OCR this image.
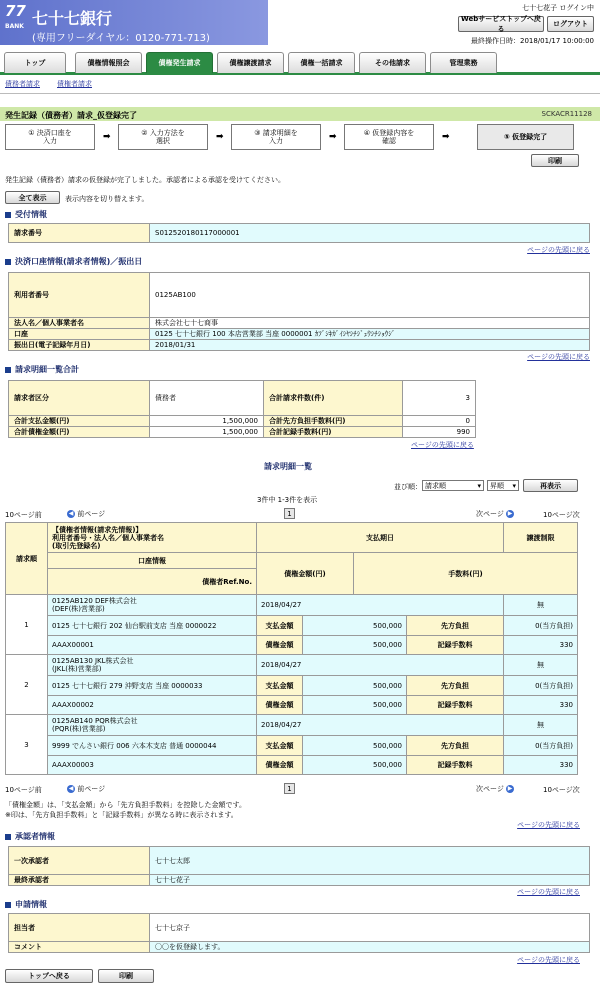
77
BANK 七十七銀行
(専用フリーダイヤル：0120-771-713)
七十七花子 ログイン中
Webサービストップへ戻る
ログアウト
最終操作日時：2018/01/17 10:00:00
トップ	債権情報照会	債権発生請求	債権譲渡請求	債権一括請求	その他請求	管理業務
債務者請求 債権者請求
発生記録（債務者）請求_仮登録完了	SCKACR11128
① 決済口座を
入力	➡	② 入力方法を
選択	➡	③ 請求明細を
入力	➡	④ 仮登録内容を
確認	➡	⑤ 仮登録完了
印刷
発生記録（債務者）請求の仮登録が完了しました。承認者による承認を受けてください。
全て表示	表示内容を切り替えます。
受付情報
請求番号	S012520180117000001
ページの先頭に戻る
決済口座情報(請求者情報)／振出日
利用者番号	0125AB100
法人名／個人事業者名	株式会社七十七商事
口座	0125 七十七銀行 100 本店営業部 当座 0000001 ｶﾌﾞｼｷｶﾞｲｼﾔｼﾁｼﾞｭｳｼﾁｼｮｳｼﾞ
振出日(電子記録年月日)	2018/01/31
ページの先頭に戻る
請求明細一覧合計
請求者区分	債務者	合計請求件数(件)	3
合計支払金額(円)	1,500,000	合計先方負担手数料(円)	0
合計債権金額(円)	1,500,000	合計記録手数料(円)	990
ページの先頭に戻る
請求明細一覧
並び順： 請求順	▾ 昇順 ▾	再表示
3件中 1-3件を表示
10ページ前	◀ 前ページ	1	次ページ ▶	10ページ次
請求順	【債権者情報(請求先情報)】
利用者番号・法人名／個人事業者名
(取引先登録名)	支払期日				譲渡制限
	口座情報	債権金額(円)		手数料(円)		
	債権者Ref.No.					
1	0125AB120 DEF株式会社
(DEF(株)営業部)	2018/04/27				無
	0125 七十七銀行 202 仙台駅前支店 当座 0000022	支払金額	500,000		先方負担	0(当方負担)
	AAAX00001	債権金額	500,000		記録手数料	330
2	0125AB130 JKL株式会社
(JKL(株)営業部)	2018/04/27				無
	0125 七十七銀行 279 沖野支店 当座 0000033	支払金額	500,000		先方負担	0(当方負担)
	AAAX00002	債権金額	500,000		記録手数料	330
3	0125AB140 PQR株式会社
(PQR(株)営業部)	2018/04/27				無
	9999 でんさい銀行 006 六本木支店 普通 0000044	支払金額	500,000		先方負担	0(当方負担)
	AAAX00003	債権金額	500,000		記録手数料	330
10ページ前	◀ 前ページ	1	次ページ ▶	10ページ次
「債権金額」は、「支払金額」から「先方負担手数料」を控除した金額です。
※印は、「先方負担手数料」と「記録手数料」が異なる時に表示されます。
ページの先頭に戻る
承認者情報
一次承認者	七十七太郎
最終承認者	七十七花子
ページの先頭に戻る
申請情報
担当者	七十七京子
コメント	〇〇を仮登録します。
ページの先頭に戻る
トップへ戻る	印刷
